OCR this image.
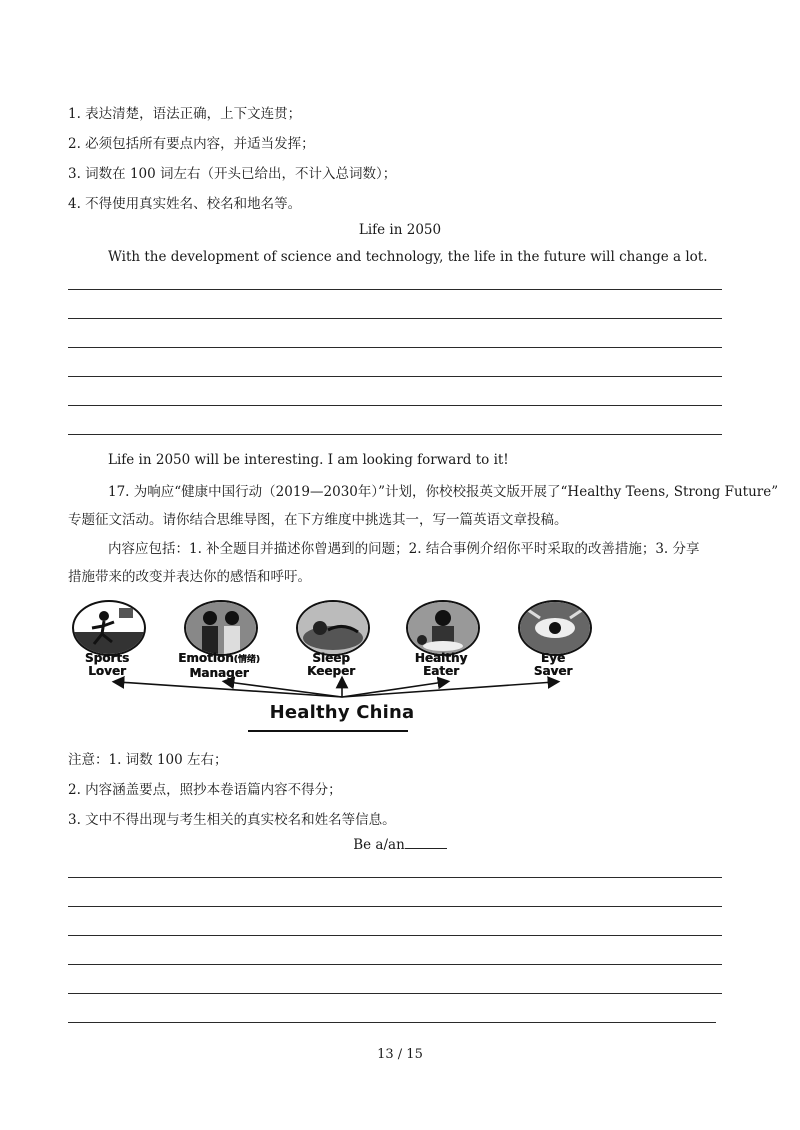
1. 表达清楚，语法正确，上下文连贯；
2. 必须包括所有要点内容，并适当发挥；
3. 词数在 100 词左右（开头已给出，不计入总词数）；
4. 不得使用真实姓名、校名和地名等。
Life in 2050
With the development of science and technology, the life in the future will change a lot.
Life in 2050 will be interesting. I am looking forward to it!
17. 为响应“健康中国行动（2019—2030年）”计划，你校校报英文版开展了“Healthy Teens, Strong Future”
专题征文活动。请你结合思维导图，在下方维度中挑选其一，写一篇英语文章投稿。
内容应包括：1. 补全题目并描述你曾遇到的问题；2. 结合事例介绍你平时采取的改善措施；3. 分享
措施带来的改变并表达你的感悟和呼吁。
Sports
Lover
Emotion(情绪)
Manager
Sleep
Keeper
Healthy
Eater
Eye
Saver
Healthy China
注意：1. 词数 100 左右；
2. 内容涵盖要点，照抄本卷语篇内容不得分；
3. 文中不得出现与考生相关的真实校名和姓名等信息。
Be a/an
13 / 15
